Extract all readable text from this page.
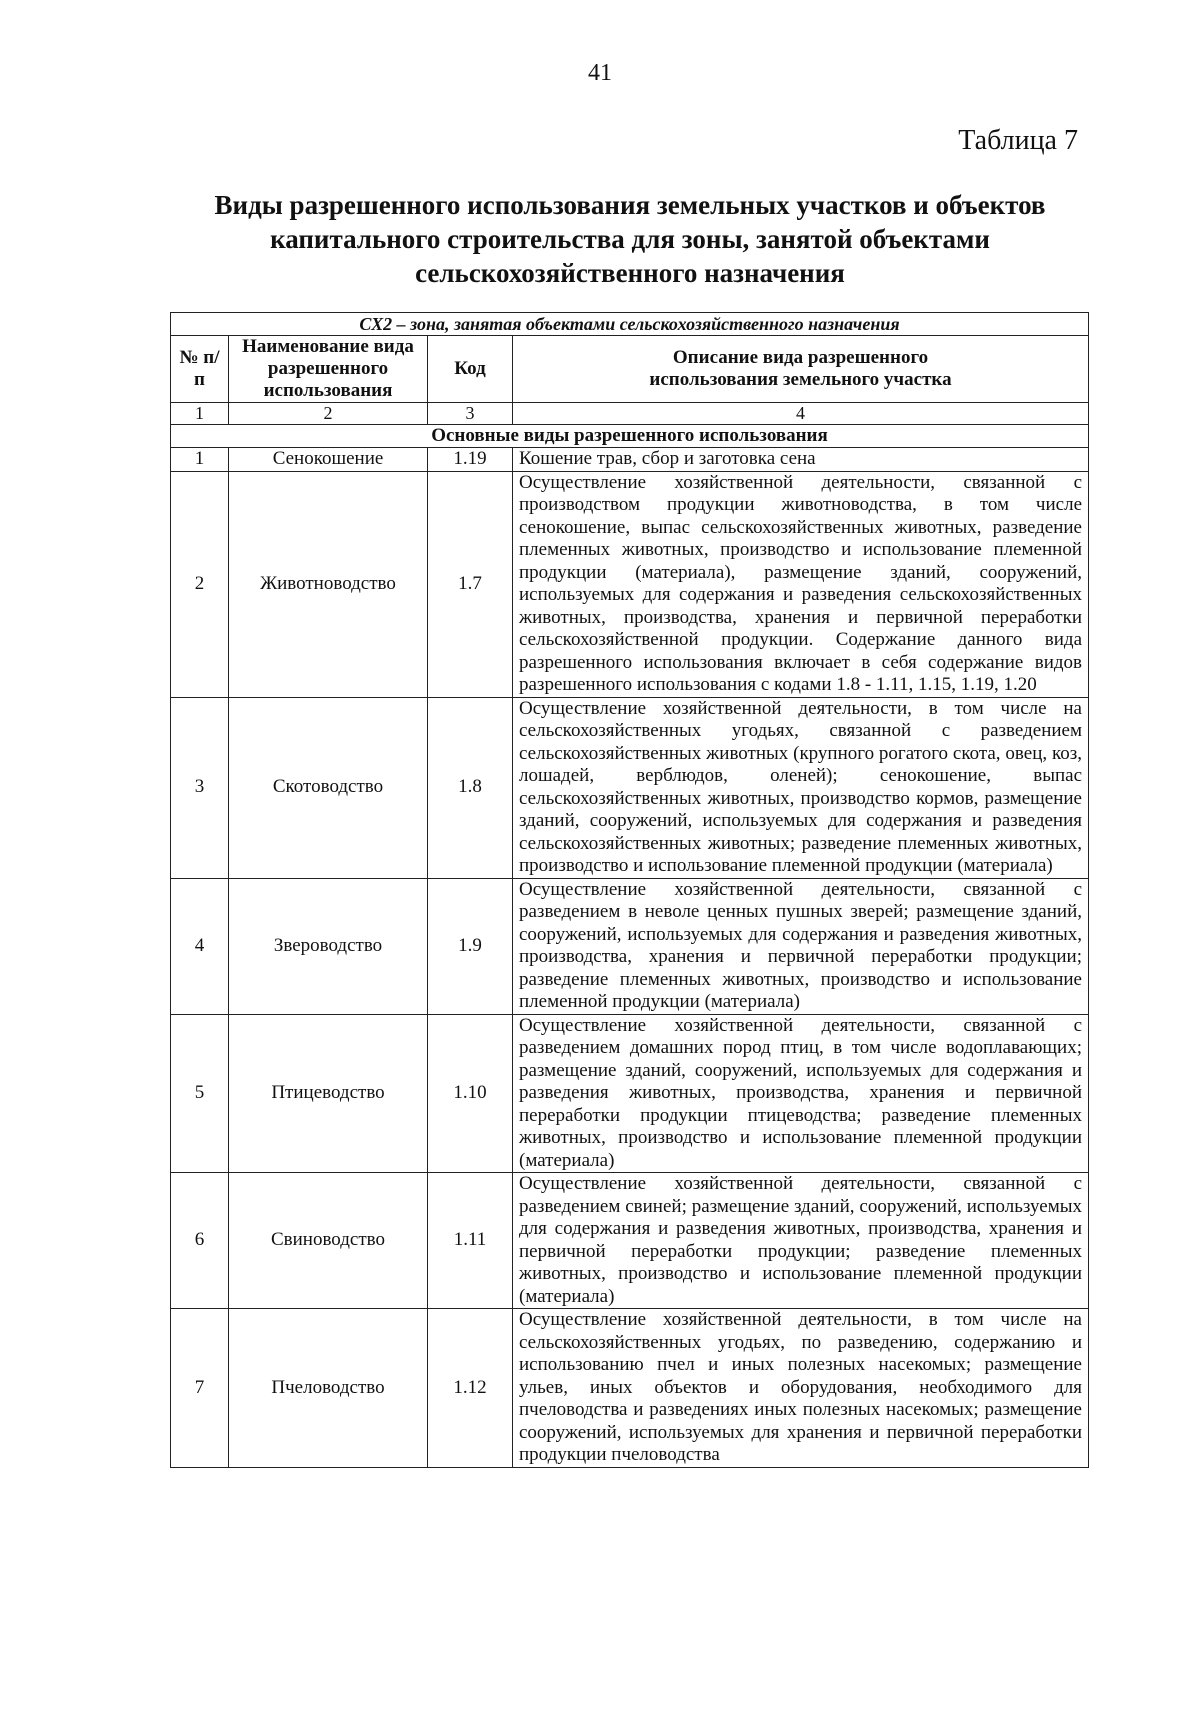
41
Таблица 7
Виды разрешенного использования земельных участков и объектов капитального строительства для зоны, занятой объектами сельскохозяйственного назначения
СХ2 – зона, занятая объектами сельскохозяйственного назначения			
№ п/п	Наименование вида разрешенного использования	Код	Описание вида разрешенного использования земельного участка
1	2	3	4
Основные виды разрешенного использования			
1	Сенокошение	1.19	Кошение трав, сбор и заготовка сена
2	Животноводство	1.7	Осуществление хозяйственной деятельности, связанной с производством продукции животноводства, в том числе сенокошение, выпас сельскохозяйственных животных, разведение племенных животных, производство и использование племенной продукции (материала), размещение зданий, сооружений, используемых для содержания и разведения сельскохозяйственных животных, производства, хранения и первичной переработки сельскохозяйственной продукции. Содержание данного вида разрешенного использования включает в себя содержание видов разрешенного использования с кодами 1.8 - 1.11, 1.15, 1.19, 1.20
3	Скотоводство	1.8	Осуществление хозяйственной деятельности, в том числе на сельскохозяйственных угодьях, связанной с разведением сельскохозяйственных животных (крупного рогатого скота, овец, коз, лошадей, верблюдов, оленей); сенокошение, выпас сельскохозяйственных животных, производство кормов, размещение зданий, сооружений, используемых для содержания и разведения сельскохозяйственных животных; разведение племенных животных, производство и использование племенной продукции (материала)
4	Звероводство	1.9	Осуществление хозяйственной деятельности, связанной с разведением в неволе ценных пушных зверей; размещение зданий, сооружений, используемых для содержания и разведения животных, производства, хранения и первичной переработки продукции; разведение племенных животных, производство и использование племенной продукции (материала)
5	Птицеводство	1.10	Осуществление хозяйственной деятельности, связанной с разведением домашних пород птиц, в том числе водоплавающих; размещение зданий, сооружений, используемых для содержания и разведения животных, производства, хранения и первичной переработки продукции птицеводства; разведение племенных животных, производство и использование племенной продукции (материала)
6	Свиноводство	1.11	Осуществление хозяйственной деятельности, связанной с разведением свиней; размещение зданий, сооружений, используемых для содержания и разведения животных, производства, хранения и первичной переработки продукции; разведение племенных животных, производство и использование племенной продукции (материала)
7	Пчеловодство	1.12	Осуществление хозяйственной деятельности, в том числе на сельскохозяйственных угодьях, по разведению, содержанию и использованию пчел и иных полезных насекомых; размещение ульев, иных объектов и оборудования, необходимого для пчеловодства и разведениях иных полезных насекомых; размещение сооружений, используемых для хранения и первичной переработки продукции пчеловодства
